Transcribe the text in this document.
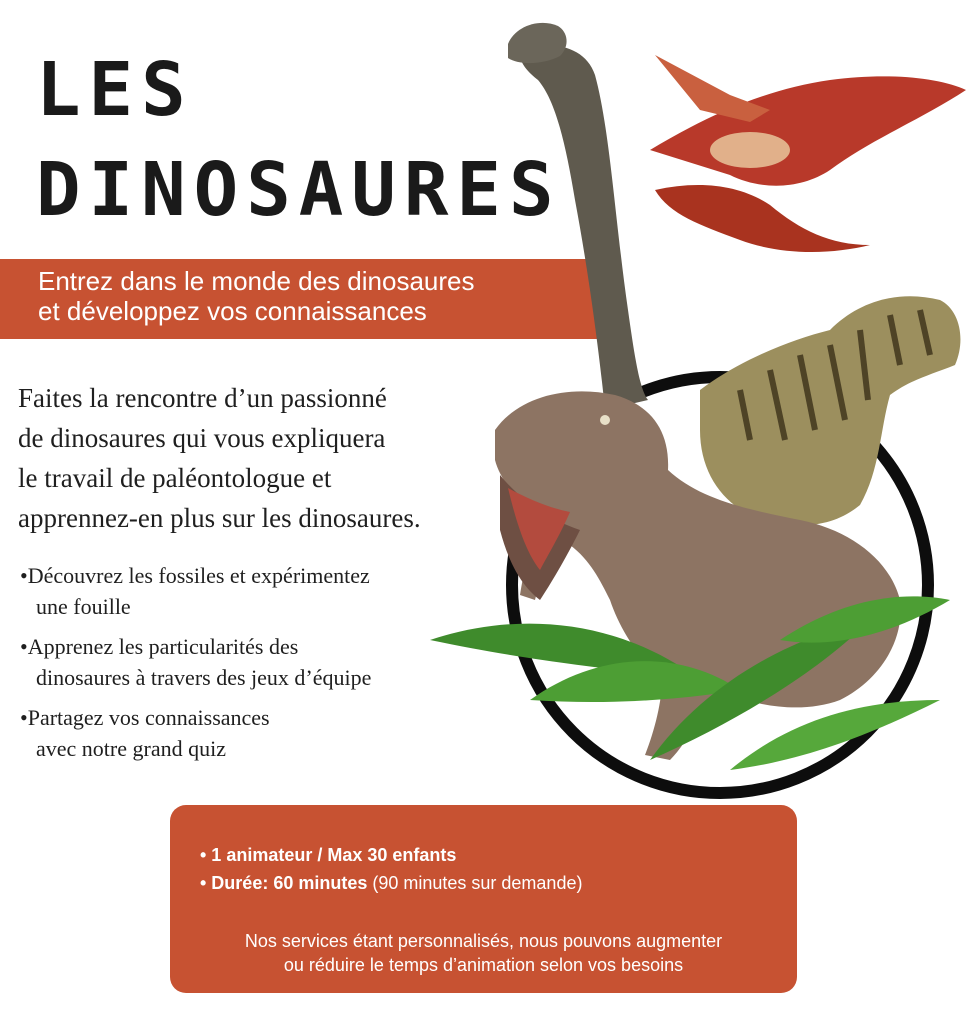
LES
DINOSAURES
Entrez dans le monde des dinosaures
et développez vos connaissances
Faites la rencontre d’un passionné
de dinosaures qui vous expliquera
le travail de paléontologue et
apprennez-en plus sur les dinosaures.
•Découvrez les fossiles et expérimentez
une fouille
•Apprenez les particularités des
dinosaures à travers des jeux d’équipe
•Partagez vos connaissances
avec notre grand quiz
• 1 animateur / Max 30 enfants
• Durée: 60 minutes (90 minutes sur demande)
Nos services étant personnalisés, nous pouvons augmenter
ou réduire le temps d’animation selon vos besoins
